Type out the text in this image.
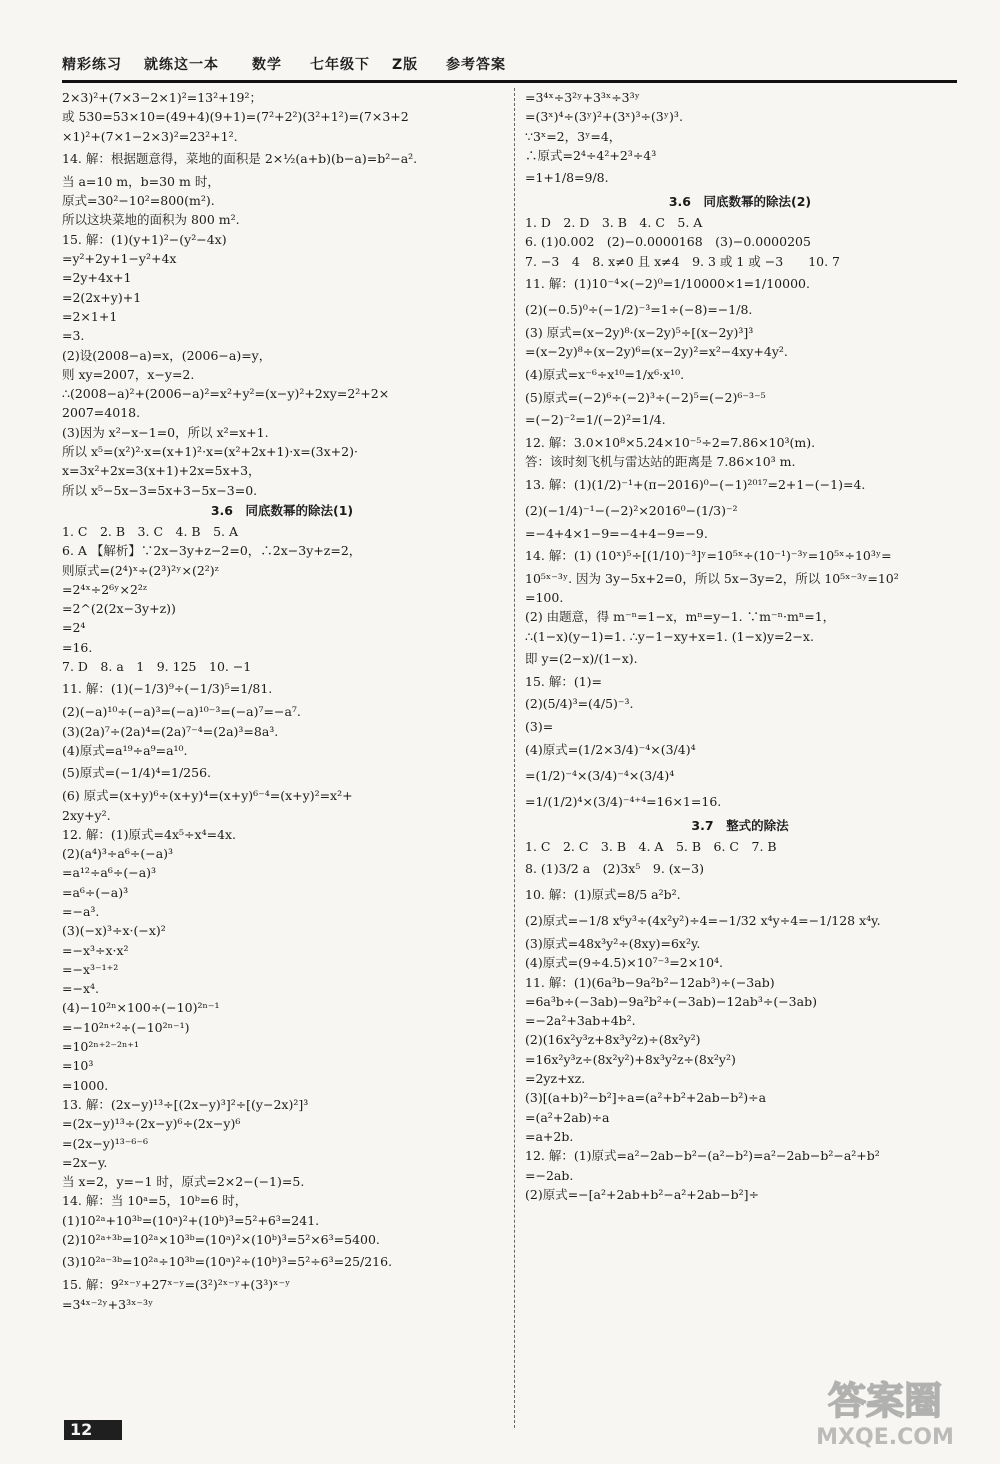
精彩练习 就练这一本 数学 七年级下 Z版 参考答案
2×3)²+(7×3−2×1)²=13²+19²；
或 530=53×10=(49+4)(9+1)=(7²+2²)(3²+1²)=(7×3+2
×1)²+(7×1−2×3)²=23²+1².
14. 解：根据题意得，菜地的面积是 2×½(a+b)(b−a)=b²−a².
当 a=10 m，b=30 m 时，
原式=30²−10²=800(m²).
所以这块菜地的面积为 800 m².
15. 解：(1)(y+1)²−(y²−4x)
=y²+2y+1−y²+4x
=2y+4x+1
=2(2x+y)+1
=2×1+1
=3.
(2)设(2008−a)=x，(2006−a)=y，
则 xy=2007，x−y=2.
∴(2008−a)²+(2006−a)²=x²+y²=(x−y)²+2xy=2²+2×
2007=4018.
(3)因为 x²−x−1=0，所以 x²=x+1.
所以 x⁵=(x²)²·x=(x+1)²·x=(x²+2x+1)·x=(3x+2)·
x=3x²+2x=3(x+1)+2x=5x+3，
所以 x⁵−5x−3=5x+3−5x−3=0.
3.6　同底数幂的除法(1)
1. C　2. B　3. C　4. B　5. A
6. A 【解析】∵2x−3y+z−2=0，∴2x−3y+z=2，
则原式=(2⁴)ˣ÷(2³)²ʸ×(2²)ᶻ
=2⁴ˣ÷2⁶ʸ×2²ᶻ
=2^(2(2x−3y+z))
=2⁴
=16.
7. D　8. a　1　9. 125　10. −1
11. 解：(1)(−1/3)⁹÷(−1/3)⁵=1/81.
(2)(−a)¹⁰÷(−a)³=(−a)¹⁰⁻³=(−a)⁷=−a⁷.
(3)(2a)⁷÷(2a)⁴=(2a)⁷⁻⁴=(2a)³=8a³.
(4)原式=a¹⁹÷a⁹=a¹⁰.
(5)原式=(−1/4)⁴=1/256.
(6) 原式=(x+y)⁶÷(x+y)⁴=(x+y)⁶⁻⁴=(x+y)²=x²+
2xy+y².
12. 解：(1)原式=4x⁵÷x⁴=4x.
(2)(a⁴)³÷a⁶÷(−a)³
=a¹²÷a⁶÷(−a)³
=a⁶÷(−a)³
=−a³.
(3)(−x)³÷x·(−x)²
=−x³÷x·x²
=−x³⁻¹⁺²
=−x⁴.
(4)−10²ⁿ×100÷(−10)²ⁿ⁻¹
=−10²ⁿ⁺²÷(−10²ⁿ⁻¹)
=10²ⁿ⁺²⁻²ⁿ⁺¹
=10³
=1000.
13. 解：(2x−y)¹³÷[(2x−y)³]²÷[(y−2x)²]³
=(2x−y)¹³÷(2x−y)⁶÷(2x−y)⁶
=(2x−y)¹³⁻⁶⁻⁶
=2x−y.
当 x=2，y=−1 时，原式=2×2−(−1)=5.
14. 解：当 10ᵃ=5，10ᵇ=6 时，
(1)10²ᵃ+10³ᵇ=(10ᵃ)²+(10ᵇ)³=5²+6³=241.
(2)10²ᵃ⁺³ᵇ=10²ᵃ×10³ᵇ=(10ᵃ)²×(10ᵇ)³=5²×6³=5400.
(3)10²ᵃ⁻³ᵇ=10²ᵃ÷10³ᵇ=(10ᵃ)²÷(10ᵇ)³=5²÷6³=25/216.
15. 解：9²ˣ⁻ʸ+27ˣ⁻ʸ=(3²)²ˣ⁻ʸ+(3³)ˣ⁻ʸ
=3⁴ˣ⁻²ʸ+3³ˣ⁻³ʸ
=3⁴ˣ÷3²ʸ+3³ˣ÷3³ʸ
=(3ˣ)⁴÷(3ʸ)²+(3ˣ)³÷(3ʸ)³.
∵3ˣ=2，3ʸ=4，
∴原式=2⁴÷4²+2³÷4³
=1+1/8=9/8.
3.6　同底数幂的除法(2)
1. D　2. D　3. B　4. C　5. A
6. (1)0.002　(2)−0.0000168　(3)−0.0000205
7. −3　4　8. x≠0 且 x≠4　9. 3 或 1 或 −3　　10. 7
11. 解：(1)10⁻⁴×(−2)⁰=1/10000×1=1/10000.
(2)(−0.5)⁰÷(−1/2)⁻³=1÷(−8)=−1/8.
(3) 原式=(x−2y)⁸·(x−2y)⁵÷[(x−2y)³]³
=(x−2y)⁸÷(x−2y)⁶=(x−2y)²=x²−4xy+4y².
(4)原式=x⁻⁶÷x¹⁰=1/x⁶·x¹⁰.
(5)原式=(−2)⁶÷(−2)³÷(−2)⁵=(−2)⁶⁻³⁻⁵
=(−2)⁻²=1/(−2)²=1/4.
12. 解：3.0×10⁸×5.24×10⁻⁵÷2=7.86×10³(m).
答：该时刻飞机与雷达站的距离是 7.86×10³ m.
13. 解：(1)(1/2)⁻¹+(π−2016)⁰−(−1)²⁰¹⁷=2+1−(−1)=4.
(2)(−1/4)⁻¹−(−2)²×2016⁰−(1/3)⁻²
=−4+4×1−9=−4+4−9=−9.
14. 解：(1) (10ˣ)⁵÷[(1/10)⁻³]ʸ=10⁵ˣ÷(10⁻¹)⁻³ʸ=10⁵ˣ÷10³ʸ=
10⁵ˣ⁻³ʸ. 因为 3y−5x+2=0，所以 5x−3y=2，所以 10⁵ˣ⁻³ʸ=10²
=100.
(2) 由题意，得 m⁻ⁿ=1−x，mⁿ=y−1. ∵m⁻ⁿ·mⁿ=1，
∴(1−x)(y−1)=1. ∴y−1−xy+x=1. (1−x)y=2−x.
即 y=(2−x)/(1−x).
15. 解：(1)=
(2)(5/4)³=(4/5)⁻³.
(3)=
(4)原式=(1/2×3/4)⁻⁴×(3/4)⁴
=(1/2)⁻⁴×(3/4)⁻⁴×(3/4)⁴
=1/(1/2)⁴×(3/4)⁻⁴⁺⁴=16×1=16.
3.7　整式的除法
1. C　2. C　3. B　4. A　5. B　6. C　7. B
8. (1)3/2 a　(2)3x⁵　9. (x−3)
10. 解：(1)原式=8/5 a²b².
(2)原式=−1/8 x⁶y³÷(4x²y²)÷4=−1/32 x⁴y÷4=−1/128 x⁴y.
(3)原式=48x³y²÷(8xy)=6x²y.
(4)原式=(9÷4.5)×10⁷⁻³=2×10⁴.
11. 解：(1)(6a³b−9a²b²−12ab³)÷(−3ab)
=6a³b÷(−3ab)−9a²b²÷(−3ab)−12ab³÷(−3ab)
=−2a²+3ab+4b².
(2)(16x²y³z+8x³y²z)÷(8x²y²)
=16x²y³z÷(8x²y²)+8x³y²z÷(8x²y²)
=2yz+xz.
(3)[(a+b)²−b²]÷a=(a²+b²+2ab−b²)÷a
=(a²+2ab)÷a
=a+2b.
12. 解：(1)原式=a²−2ab−b²−(a²−b²)=a²−2ab−b²−a²+b²
=−2ab.
(2)原式=−[a²+2ab+b²−a²+2ab−b²]÷
12
答案圈
MXQE.COM
